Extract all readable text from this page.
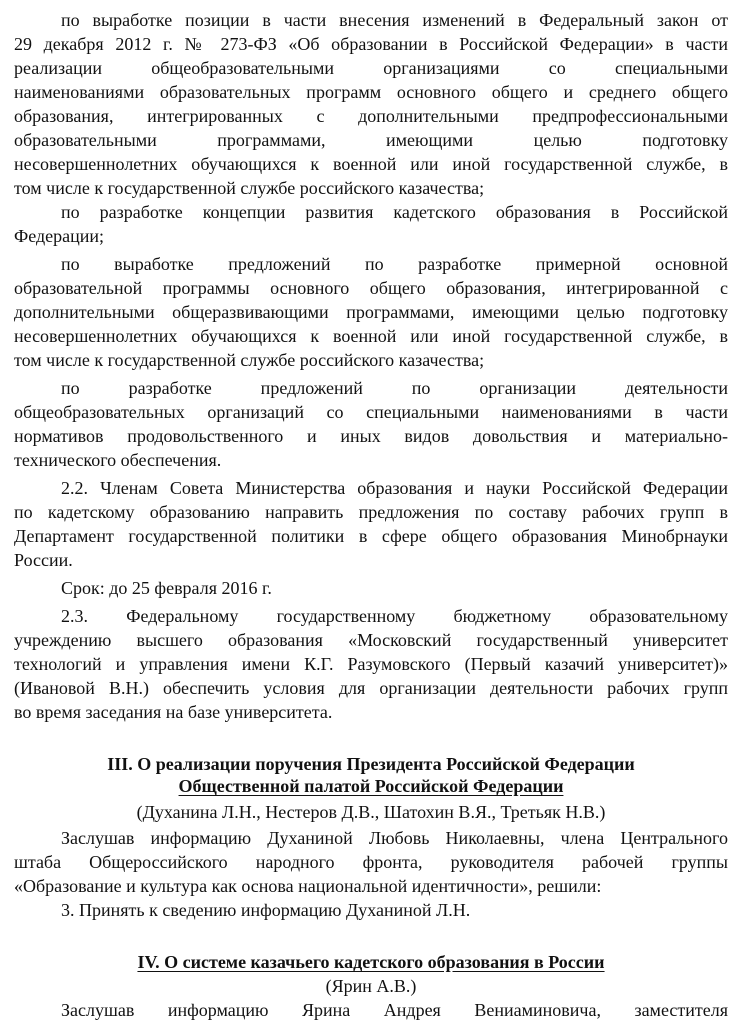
по выработке позиции в части внесения изменений в Федеральный закон от
29 декабря 2012 г. № 273-ФЗ «Об образовании в Российской Федерации» в части
реализации общеобразовательными организациями со специальными
наименованиями образовательных программ основного общего и среднего общего
образования, интегрированных с дополнительными предпрофессиональными
образовательными программами, имеющими целью подготовку
несовершеннолетних обучающихся к военной или иной государственной службе, в
том числе к государственной службе российского казачества;
по разработке концепции развития кадетского образования в Российской
Федерации;
по выработке предложений по разработке примерной основной
образовательной программы основного общего образования, интегрированной с
дополнительными общеразвивающими программами, имеющими целью подготовку
несовершеннолетних обучающихся к военной или иной государственной службе, в
том числе к государственной службе российского казачества;
по разработке предложений по организации деятельности
общеобразовательных организаций со специальными наименованиями в части
нормативов продовольственного и иных видов довольствия и материально-
технического обеспечения.
2.2. Членам Совета Министерства образования и науки Российской Федерации
по кадетскому образованию направить предложения по составу рабочих групп в
Департамент государственной политики в сфере общего образования Минобрнауки
России.
Срок: до 25 февраля 2016 г.
2.3. Федеральному государственному бюджетному образовательному
учреждению высшего образования «Московский государственный университет
технологий и управления имени К.Г. Разумовского (Первый казачий университет)»
(Ивановой В.Н.) обеспечить условия для организации деятельности рабочих групп
во время заседания на базе университета.
III. О реализации поручения Президента Российской Федерации
Общественной палатой Российской Федерации
(Духанина Л.Н., Нестеров Д.В., Шатохин В.Я., Третьяк Н.В.)
Заслушав информацию Духаниной Любовь Николаевны, члена Центрального
штаба Общероссийского народного фронта, руководителя рабочей группы
«Образование и культура как основа национальной идентичности», решили:
3. Принять к сведению информацию Духаниной Л.Н.
IV. О системе казачьего кадетского образования в России
(Ярин А.В.)
Заслушав информацию Ярина Андрея Вениаминовича, заместителя
